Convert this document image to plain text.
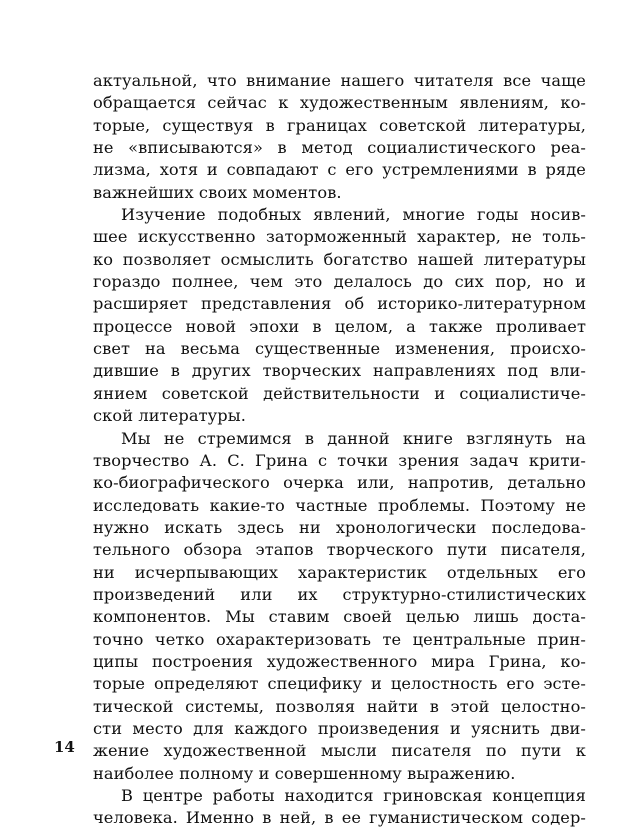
актуальной, что внимание нашего читателя все чаще
обращается сейчас к художественным явлениям, ко-
торые, существуя в границах советской литературы,
не «вписываются» в метод социалистического реа-
лизма, хотя и совпадают с его устремлениями в ряде
важнейших своих моментов.
Изучение подобных явлений, многие годы носив-
шее искусственно заторможенный характер, не толь-
ко позволяет осмыслить богатство нашей литературы
гораздо полнее, чем это делалось до сих пор, но и
расширяет представления об историко-литературном
процессе новой эпохи в целом, а также проливает
свет на весьма существенные изменения, происхо-
дившие в других творческих направлениях под вли-
янием советской действительности и социалистиче-
ской литературы.
Мы не стремимся в данной книге взглянуть на
творчество А. С. Грина с точки зрения задач крити-
ко-биографического очерка или, напротив, детально
исследовать какие-то частные проблемы. Поэтому не
нужно искать здесь ни хронологически последова-
тельного обзора этапов творческого пути писателя,
ни исчерпывающих характеристик отдельных его
произведений или их структурно-стилистических
компонентов. Мы ставим своей целью лишь доста-
точно четко охарактеризовать те центральные прин-
ципы построения художественного мира Грина, ко-
торые определяют специфику и целостность его эсте-
тической системы, позволяя найти в этой целостно-
сти место для каждого произведения и уяснить дви-
жение художественной мысли писателя по пути к
наиболее полному и совершенному выражению.
В центре работы находится гриновская концепция
человека. Именно в ней, в ее гуманистическом содер-
14
